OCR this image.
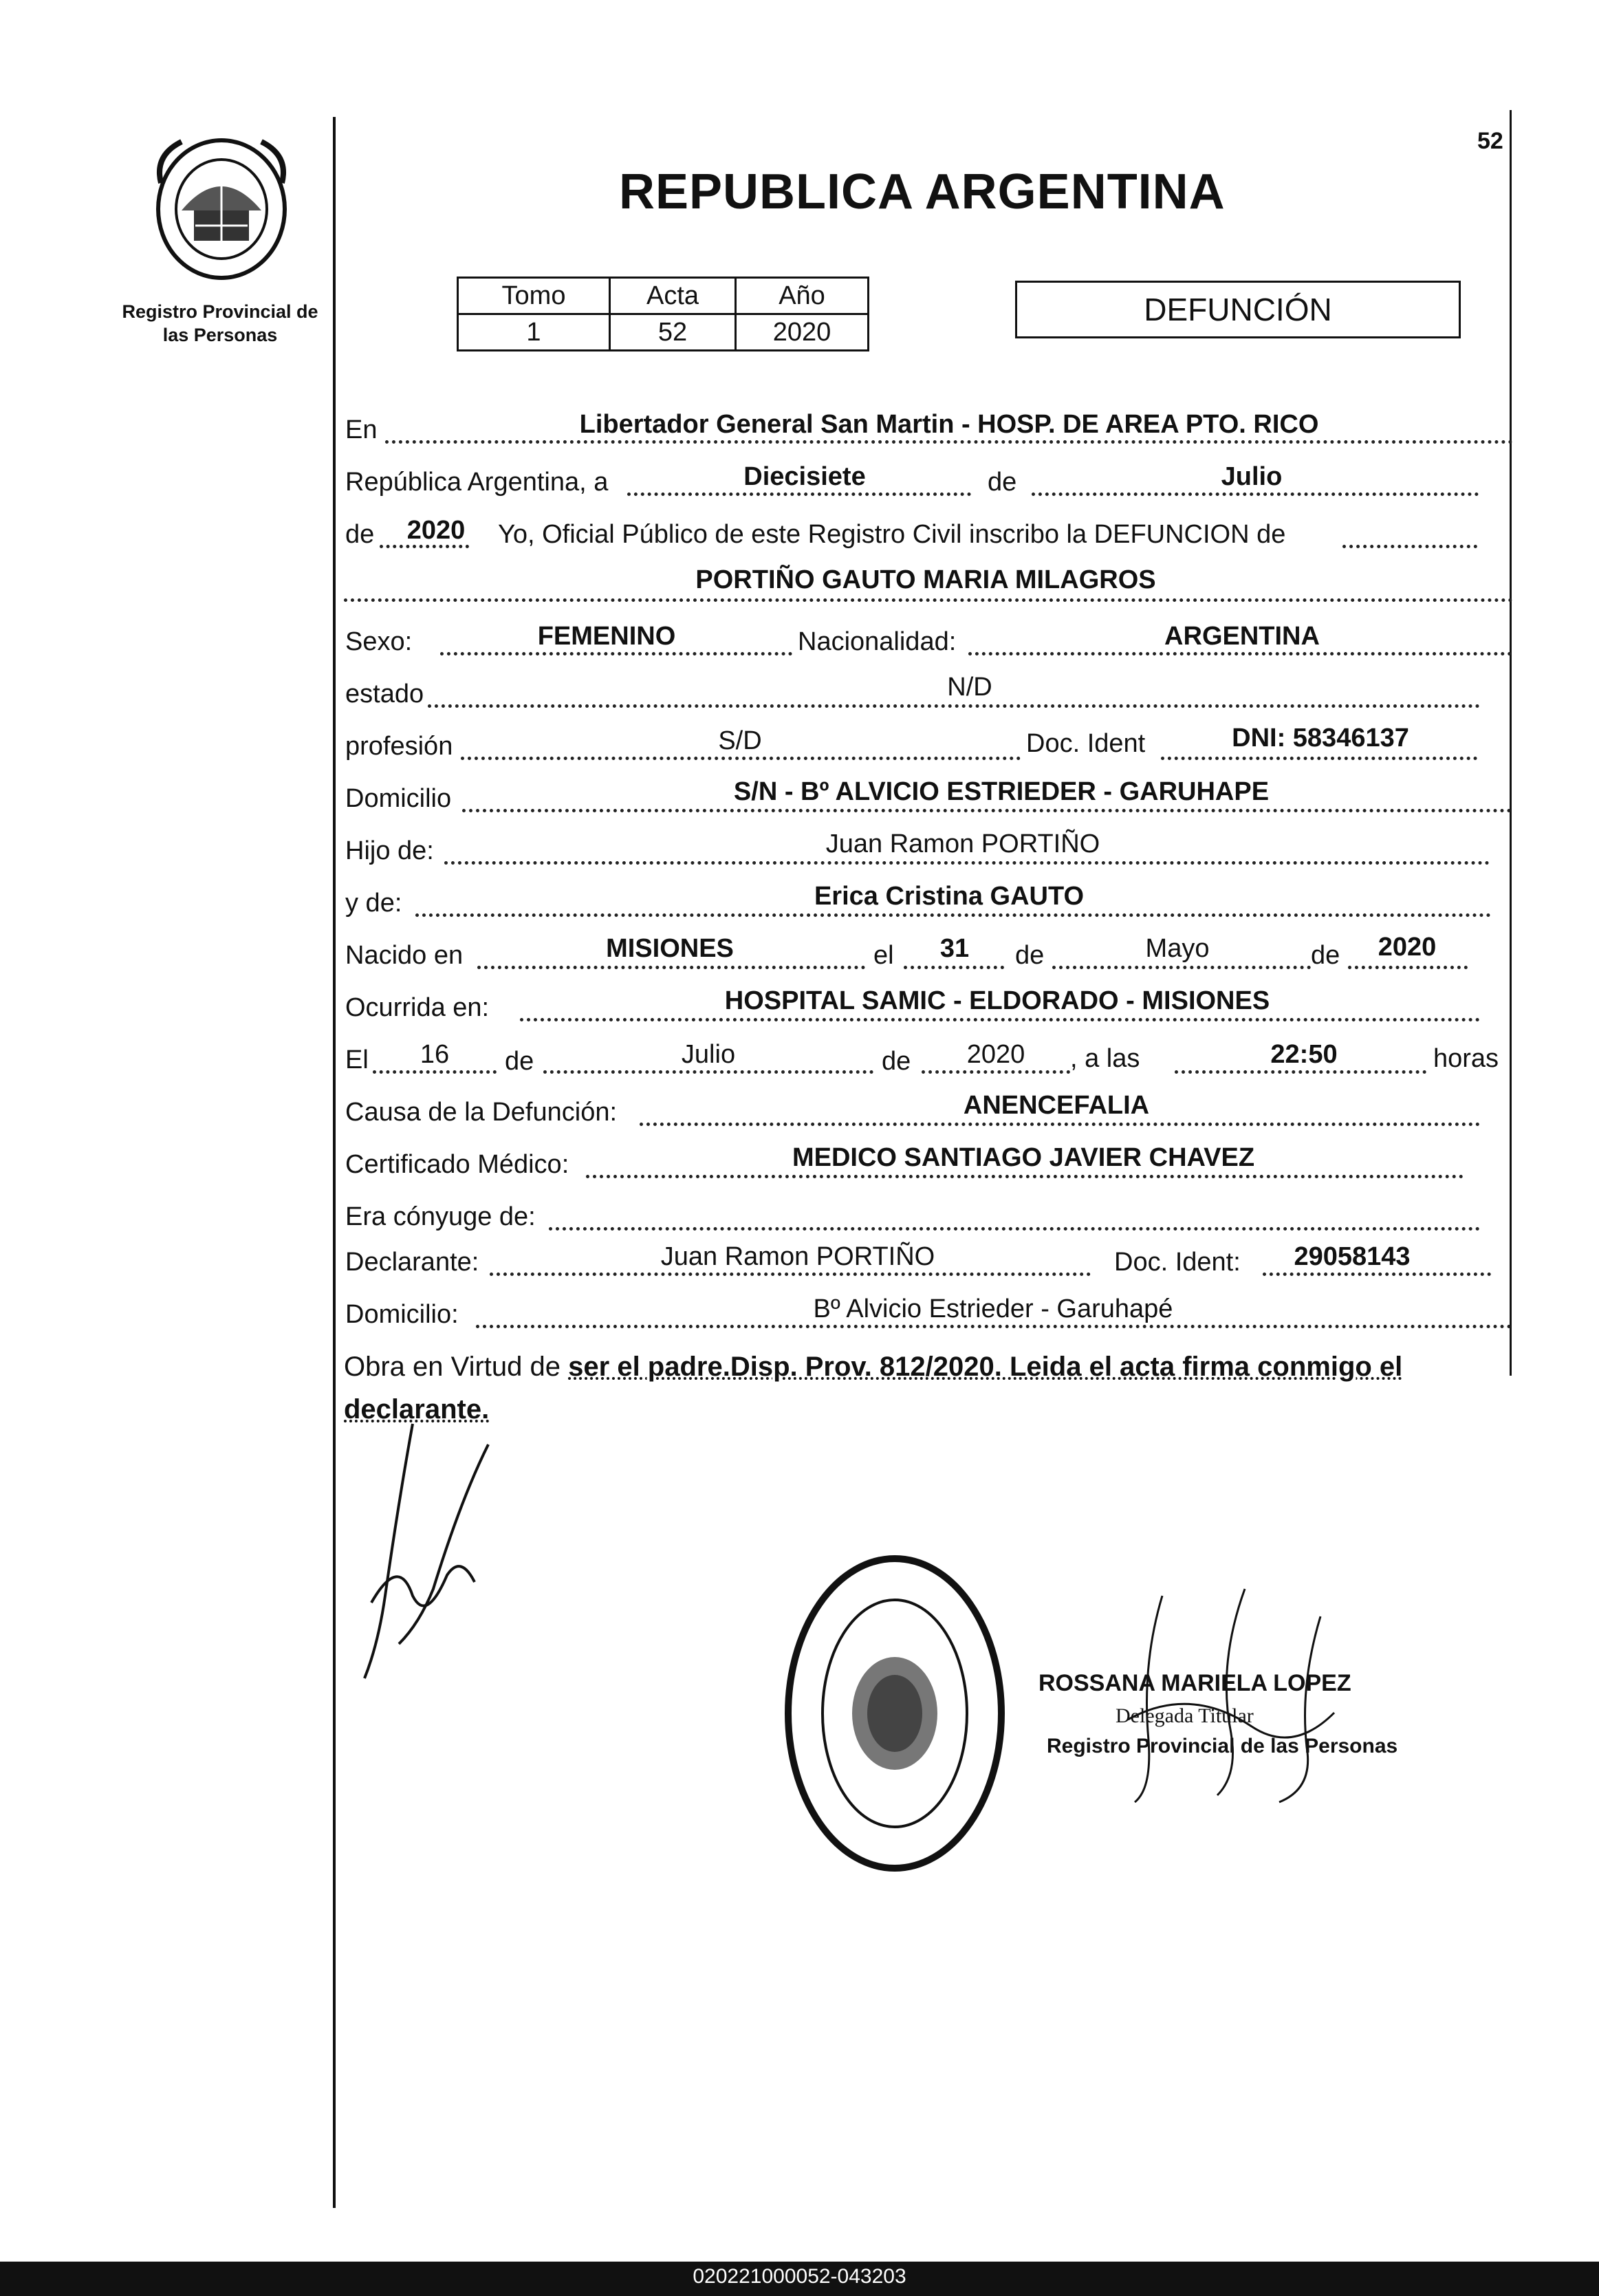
Registro Provincial de las Personas
52
REPUBLICA ARGENTINA
Tomo	Acta	Año
1	52	2020
DEFUNCIÓN
En	Libertador General San Martin - HOSP. DE AREA PTO. RICO
República Argentina, a	Diecisiete	de	Julio
de 2020 Yo, Oficial Público de este Registro Civil inscribo la DEFUNCION de
PORTIÑO GAUTO MARIA MILAGROS
Sexo:	FEMENINO	Nacionalidad:	ARGENTINA
estado	N/D
profesión	S/D	Doc. Ident	DNI: 58346137
Domicilio	S/N - Bº ALVICIO ESTRIEDER - GARUHAPE
Hijo de:	Juan Ramon PORTIÑO
y de:	Erica Cristina GAUTO
Nacido en	MISIONES	el 31 de	Mayo	de 2020
Ocurrida en:	HOSPITAL SAMIC - ELDORADO - MISIONES
El 16 de	Julio	de 2020 , a las	22:50	horas
Causa de la Defunción:	ANENCEFALIA
Certificado Médico:	MEDICO SANTIAGO JAVIER CHAVEZ
Era cónyuge de:
Declarante:	Juan Ramon PORTIÑO	Doc. Ident: 29058143
Domicilio:	Bº Alvicio Estrieder - Garuhapé
Obra en Virtud de ser el padre.Disp. Prov. 812/2020. Leida el acta firma conmigo el declarante.
ROSSANA MARIELA LOPEZ
Delegada Titular
Registro Provincial de las Personas
020221000052-043203
